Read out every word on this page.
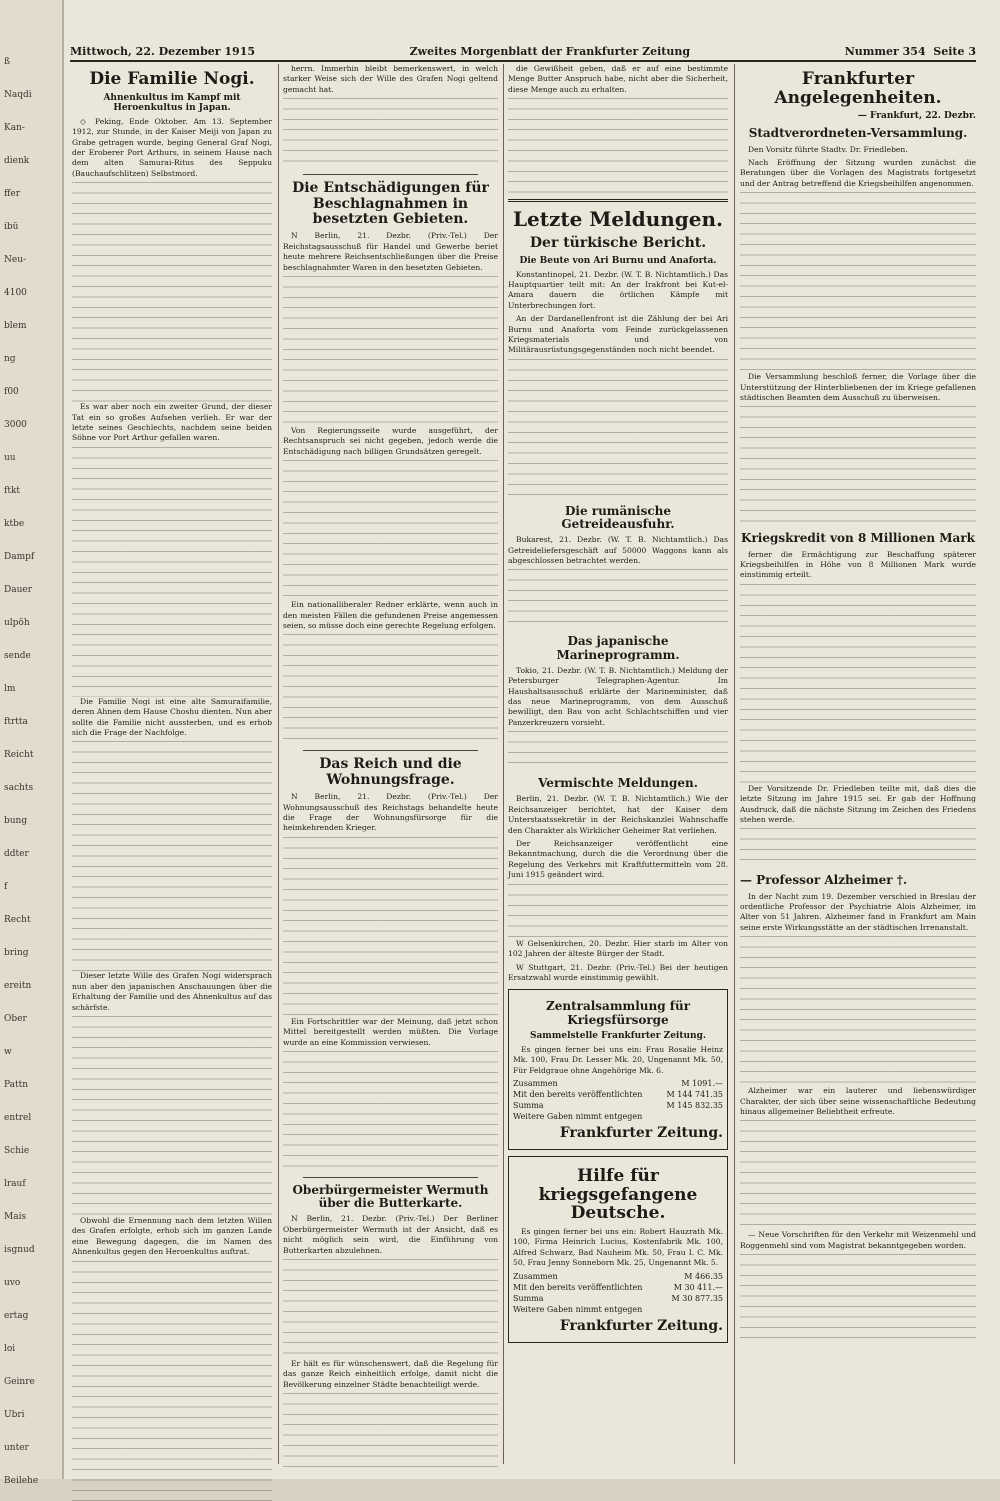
ß
Naqdi
Kan-
dienk
ffer
ibü
Neu-
4100
blem
ng
f00
3000
uu
ftkt
ktbe
Dampf
Dauer
ulpöh
sende
lm
ftrtta
Reicht
sachts
bung
ddter
f
Recht
bring
ereitn
Ober
w
Pattn
entrel
Schie
lrauf
Mais
isgnud
uvo
ertag
loi
Geinre
Ubri
unter
Beilehe
Mittwoch, 22. Dezember 1915	Zweites Morgenblatt der Frankfurter Zeitung	Nummer 354 Seite 3
Die Familie Nogi.
Ahnenkultus im Kampf mit Heroenkultus in Japan.

◇ Peking, Ende Oktober. Am 13. September 1912, zur Stunde, in der Kaiser Meiji von Japan zu Grabe getragen wurde, beging General Graf Nogi, der Eroberer Port Arthurs, in seinem Hause nach dem alten Samurai-Ritus des Seppuku (Bauchaufschlitzen) Selbstmord.

Es war aber noch ein zweiter Grund, der dieser Tat ein so großes Aufsehen verlieh. Er war der letzte seines Geschlechts, nachdem seine beiden Söhne vor Port Arthur gefallen waren.

Die Familie Nogi ist eine alte Samuraifamilie, deren Ahnen dem Hause Choshu dienten. Nun aber sollte die Familie nicht aussterben, und es erhob sich die Frage der Nachfolge.

Dieser letzte Wille des Grafen Nogi widersprach nun aber den japanischen Anschauungen über die Erhaltung der Familie und des Ahnenkultus auf das schärfste.

Obwohl die Ernennung nach dem letzten Willen des Grafen erfolgte, erhob sich im ganzen Lande eine Bewegung dagegen, die im Namen des Ahnenkultus gegen den Heroenkultus auftrat.

herrn. Immerhin bleibt bemerkenswert, in welch starker Weise sich der Wille des Grafen Nogi geltend gemacht hat.

Die Entschädigungen für Beschlagnahmen in besetzten Gebieten.

N Berlin, 21. Dezbr. (Priv.-Tel.) Der Reichstagsausschuß für Handel und Gewerbe beriet heute mehrere Reichsentschließungen über die Preise beschlagnahmter Waren in den besetzten Gebieten.

Von Regierungsseite wurde ausgeführt, der Rechtsanspruch sei nicht gegeben, jedoch werde die Entschädigung nach billigen Grundsätzen geregelt.

Ein nationalliberaler Redner erklärte, wenn auch in den meisten Fällen die gefundenen Preise angemessen seien, so müsse doch eine gerechte Regelung erfolgen.

Das Reich und die Wohnungsfrage.

N Berlin, 21. Dezbr. (Priv.-Tel.) Der Wohnungsausschuß des Reichstags behandelte heute die Frage der Wohnungsfürsorge für die heimkehrenden Krieger.

Ein Fortschrittler war der Meinung, daß jetzt schon Mittel bereitgestellt werden müßten. Die Vorlage wurde an eine Kommission verwiesen.

Oberbürgermeister Wermuth über die Butterkarte.

N Berlin, 21. Dezbr. (Priv.-Tel.) Der Berliner Oberbürgermeister Wermuth ist der Ansicht, daß es nicht möglich sein wird, die Einführung von Butterkarten abzulehnen.

Er hält es für wünschenswert, daß die Regelung für das ganze Reich einheitlich erfolge, damit nicht die Bevölkerung einzelner Städte benachteiligt werde.

die Gewißheit geben, daß er auf eine bestimmte Menge Butter Anspruch habe, nicht aber die Sicherheit, diese Menge auch zu erhalten.

Letzte Meldungen.
Der türkische Bericht.
Die Beute von Ari Burnu und Anaforta.

Konstantinopel, 21. Dezbr. (W. T. B. Nichtamtlich.) Das Hauptquartier teilt mit: An der Irakfront bei Kut-el-Amara dauern die örtlichen Kämpfe mit Unterbrechungen fort.

An der Dardanellenfront ist die Zählung der bei Ari Burnu und Anaforta vom Feinde zurückgelassenen Kriegsmaterials und von Militärausrüstungsgegenständen noch nicht beendet.

Die rumänische Getreideausfuhr.

Bukarest, 21. Dezbr. (W. T. B. Nichtamtlich.) Das Getreideliefersgeschäft auf 50000 Waggons kann als abgeschlossen betrachtet werden.

Das japanische Marineprogramm.

Tokio, 21. Dezbr. (W. T. B. Nichtamtlich.) Meldung der Petersburger Telegraphen-Agentur. Im Haushaltsausschuß erklärte der Marineminister, daß das neue Marineprogramm, von dem Ausschuß bewilligt, den Bau von acht Schlachtschiffen und vier Panzerkreuzern vorsieht.

Vermischte Meldungen.

Berlin, 21. Dezbr. (W. T. B. Nichtamtlich.) Wie der Reichsanzeiger berichtet, hat der Kaiser dem Unterstaatssekretär in der Reichskanzlei Wahnschaffe den Charakter als Wirklicher Geheimer Rat verliehen.

Der Reichsanzeiger veröffentlicht eine Bekanntmachung, durch die die Verordnung über die Regelung des Verkehrs mit Kraftfuttermitteln vom 28. Juni 1915 geändert wird.

W Gelsenkirchen, 20. Dezbr. Hier starb im Alter von 102 Jahren der älteste Bürger der Stadt.

W Stuttgart, 21. Dezbr. (Priv.-Tel.) Bei der heutigen Ersatzwahl wurde einstimmig gewählt.

Zentralsammlung für Kriegsfürsorge
Sammelstelle Frankfurter Zeitung.

Es gingen ferner bei uns ein: Frau Rosalie Heinz Mk. 100, Frau Dr. Lesser Mk. 20, Ungenannt Mk. 50, Für Feldgraue ohne Angehörige Mk. 6.

Zusammen	M 1091.—
Mit den bereits veröffentlichten	M 144 741.35
Summa	M 145 832.35
Weitere Gaben nimmt entgegen
Frankfurter Zeitung.
Hilfe für kriegsgefangene Deutsche.

Es gingen ferner bei uns ein: Robert Hauzrath Mk. 100, Firma Heinrich Lucius, Kostenfabrik Mk. 100, Alfred Schwarz, Bad Nauheim Mk. 50, Frau I. C. Mk. 50, Frau Jenny Sonneborn Mk. 25, Ungenannt Mk. 5.

Zusammen	M 466.35
Mit den bereits veröffentlichten	M 30 411.—
Summa	M 30 877.35
Weitere Gaben nimmt entgegen
Frankfurter Zeitung.
Frankfurter Angelegenheiten.
— Frankfurt, 22. Dezbr.
Stadtverordneten-Versammlung.

Den Vorsitz führte Stadtv. Dr. Friedleben.

Nach Eröffnung der Sitzung wurden zunächst die Beratungen über die Vorlagen des Magistrats fortgesetzt und der Antrag betreffend die Kriegsbeihilfen angenommen.

Die Versammlung beschloß ferner, die Vorlage über die Unterstützung der Hinterbliebenen der im Kriege gefallenen städtischen Beamten dem Ausschuß zu überweisen.

Kriegskredit von 8 Millionen Mark

ferner die Ermächtigung zur Beschaffung späterer Kriegsbeihilfen in Höhe von 8 Millionen Mark wurde einstimmig erteilt.

Der Vorsitzende Dr. Friedleben teilte mit, daß dies die letzte Sitzung im Jahre 1915 sei. Er gab der Hoffnung Ausdruck, daß die nächste Sitzung im Zeichen des Friedens stehen werde.

— Professor Alzheimer †.

In der Nacht zum 19. Dezember verschied in Breslau der ordentliche Professor der Psychiatrie Alois Alzheimer, im Alter von 51 Jahren. Alzheimer fand in Frankfurt am Main seine erste Wirkungsstätte an der städtischen Irrenanstalt.

Alzheimer war ein lauterer und liebenswürdiger Charakter, der sich über seine wissenschaftliche Bedeutung hinaus allgemeiner Beliebtheit erfreute.

— Neue Vorschriften für den Verkehr mit Weizenmehl und Roggenmehl sind vom Magistrat bekanntgegeben worden.
